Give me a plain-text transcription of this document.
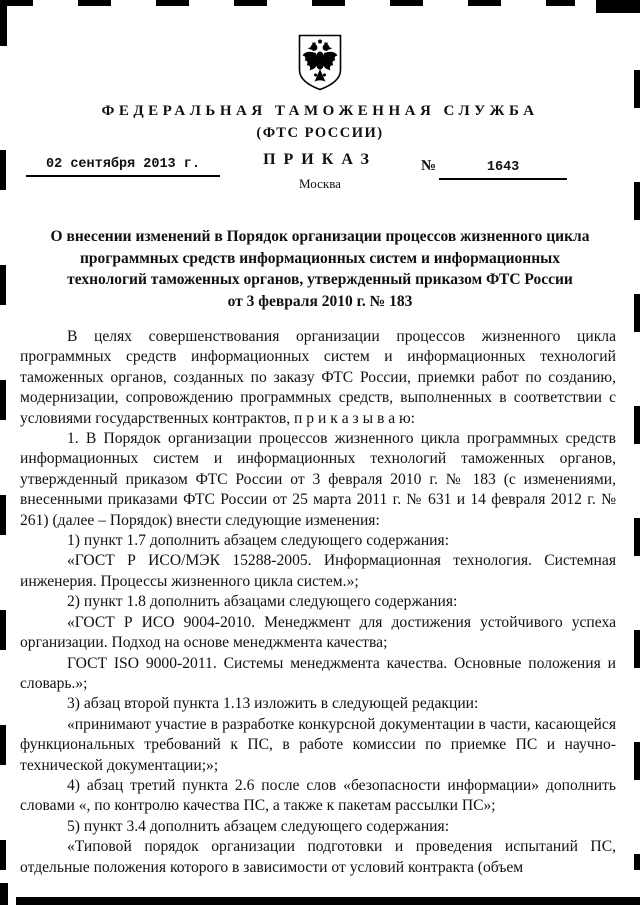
ФЕДЕРАЛЬНАЯ ТАМОЖЕННАЯ СЛУЖБА
(ФТС РОССИИ)
ПРИКАЗ
02 сентября 2013 г.	№	1643
Москва
О внесении изменений в Порядок организации процессов жизненного цикла
программных средств информационных систем и информационных
технологий таможенных органов, утвержденный приказом ФТС России
от 3 февраля 2010 г. № 183

В целях совершенствования организации процессов жизненного цикла программных средств информационных систем и информационных технологий таможенных органов, созданных по заказу ФТС России, приемки работ по созданию, модернизации, сопровождению программных средств, выполненных в соответствии с условиями государственных контрактов, п р и к а з ы в а ю:

1. В Порядок организации процессов жизненного цикла программных средств информационных систем и информационных технологий таможенных органов, утвержденный приказом ФТС России от 3 февраля 2010 г. № 183 (с изменениями, внесенными приказами ФТС России от 25 марта 2011 г. № 631 и 14 февраля 2012 г. № 261) (далее – Порядок) внести следующие изменения:

1) пункт 1.7 дополнить абзацем следующего содержания:

«ГОСТ Р ИСО/МЭК 15288-2005. Информационная технология. Системная инженерия. Процессы жизненного цикла систем.»;

2) пункт 1.8 дополнить абзацами следующего содержания:

«ГОСТ Р ИСО 9004-2010. Менеджмент для достижения устойчивого успеха организации. Подход на основе менеджмента качества;

ГОСТ ISO 9000-2011. Системы менеджмента качества. Основные положения и словарь.»;

3) абзац второй пункта 1.13 изложить в следующей редакции:

«принимают участие в разработке конкурсной документации в части, касающейся функциональных требований к ПС, в работе комиссии по приемке ПС и научно-технической документации;»;

4) абзац третий пункта 2.6 после слов «безопасности информации» дополнить словами «, по контролю качества ПС, а также к пакетам рассылки ПС»;

5) пункт 3.4 дополнить абзацем следующего содержания:

«Типовой порядок организации подготовки и проведения испытаний ПС, отдельные положения которого в зависимости от условий контракта (объем
